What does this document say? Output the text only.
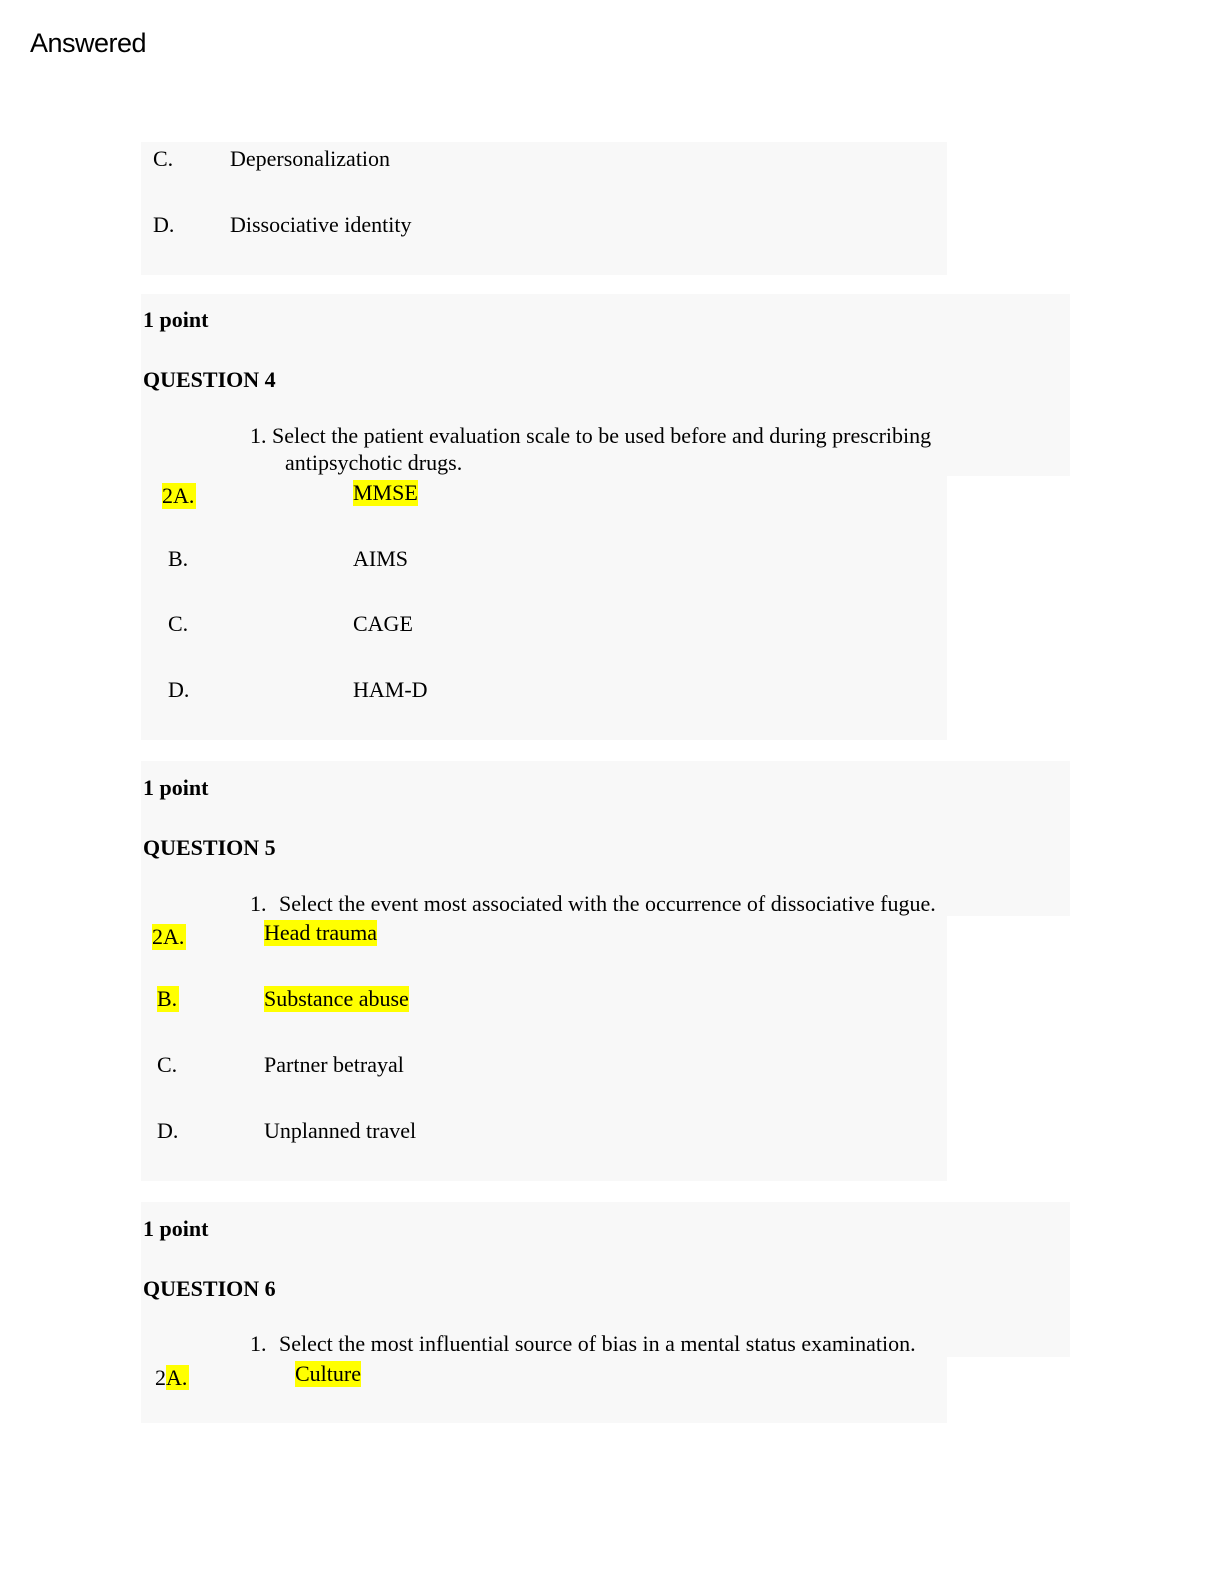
Answered
C.	Depersonalization
D.	Dissociative identity
1 point
QUESTION 4
1. Select the patient evaluation scale to be used before and during prescribing
antipsychotic drugs.
2A.	MMSE
B.	AIMS
C.	CAGE
D.	HAM-D
1 point
QUESTION 5
1. Select the event most associated with the occurrence of dissociative fugue.
2A.	Head trauma
B.	Substance abuse
C.	Partner betrayal
D.	Unplanned travel
1 point
QUESTION 6
1. Select the most influential source of bias in a mental status examination.
2A.	Culture
